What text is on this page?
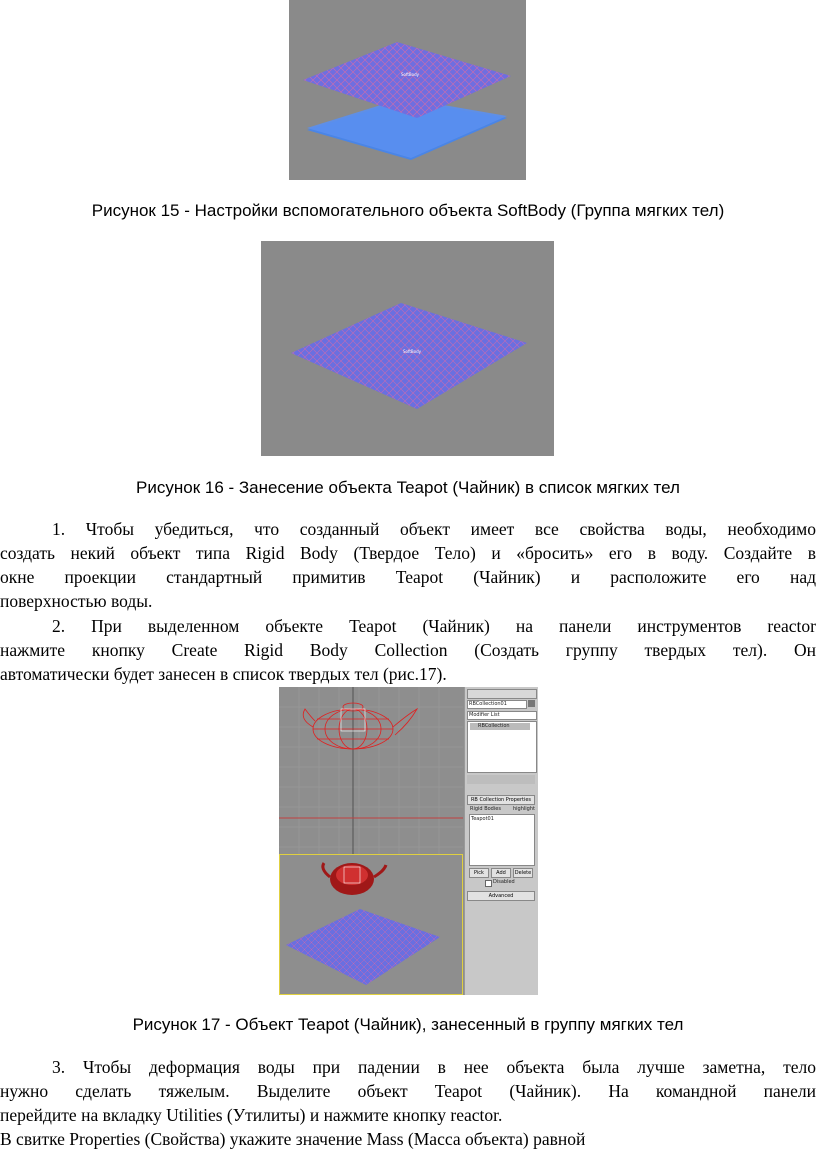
SoftBody
Рисунок 15 - Настройки вспомогательного объекта SoftBody (Группа мягких тел)
SoftBody
Рисунок 16 - Занесение объекта Teapot (Чайник) в список мягких тел
1. Чтобы убедиться, что созданный объект имеет все свойства воды, необходимо
создать некий объект типа Rigid Body (Твердое Тело) и «бросить» его в воду. Создайте в
окне проекции стандартный примитив Teapot (Чайник) и расположите его над
поверхностью воды.
2. При выделенном объекте Teapot (Чайник) на панели инструментов reactor
нажмите кнопку Create Rigid Body Collection (Создать группу твердых тел). Он
автоматически будет занесен в список твердых тел (рис.17).
RBCollection01
Modifier List
RBCollection
RB Collection Properties
Rigid Bodies highlight
Teapot01
Pick	Add	Delete
Disabled
Advanced
Рисунок 17 - Объект Teapot (Чайник), занесенный в группу мягких тел
3. Чтобы деформация воды при падении в нее объекта была лучше заметна, тело
нужно сделать тяжелым. Выделите объект Teapot (Чайник). На командной панели
перейдите на вкладку Utilities (Утилиты) и нажмите кнопку reactor.
В свитке Properties (Свойства) укажите значение Mass (Масса объекта) равной
